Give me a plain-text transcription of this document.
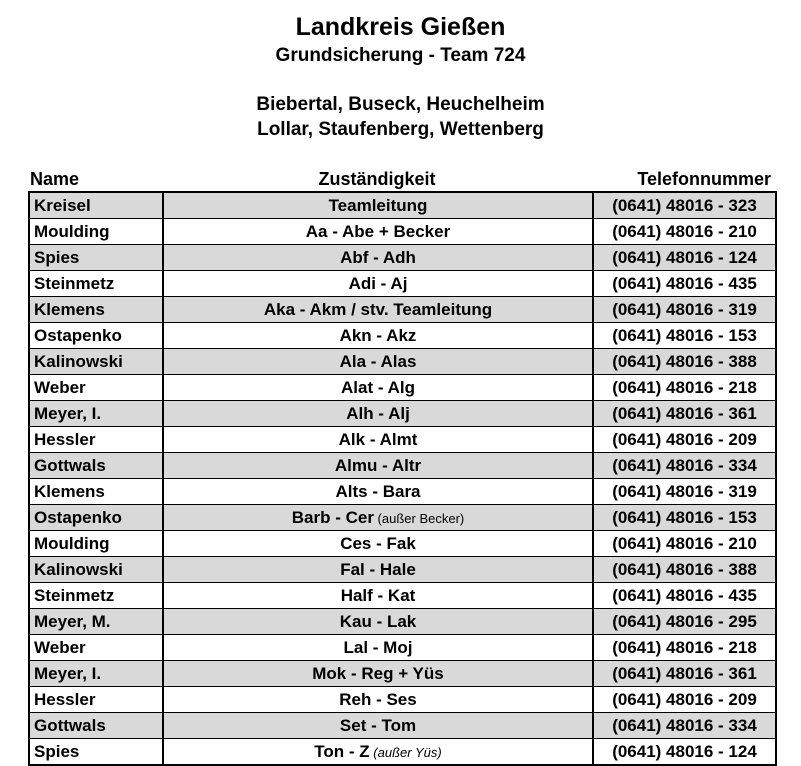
Landkreis Gießen

Grundsicherung - Team 724

Biebertal, Buseck, Heuchelheim

Lollar, Staufenberg, Wettenberg

Name	Zuständigkeit	Telefonnummer
Kreisel	Teamleitung	(0641) 48016 - 323
Moulding	Aa - Abe + Becker	(0641) 48016 - 210
Spies	Abf - Adh	(0641) 48016 - 124
Steinmetz	Adi - Aj	(0641) 48016 - 435
Klemens	Aka - Akm / stv. Teamleitung	(0641) 48016 - 319
Ostapenko	Akn - Akz	(0641) 48016 - 153
Kalinowski	Ala - Alas	(0641) 48016 - 388
Weber	Alat - Alg	(0641) 48016 - 218
Meyer, I.	Alh - Alj	(0641) 48016 - 361
Hessler	Alk - Almt	(0641) 48016 - 209
Gottwals	Almu - Altr	(0641) 48016 - 334
Klemens	Alts - Bara	(0641) 48016 - 319
Ostapenko	Barb - Cer (außer Becker)	(0641) 48016 - 153
Moulding	Ces - Fak	(0641) 48016 - 210
Kalinowski	Fal - Hale	(0641) 48016 - 388
Steinmetz	Half - Kat	(0641) 48016 - 435
Meyer, M.	Kau - Lak	(0641) 48016 - 295
Weber	Lal - Moj	(0641) 48016 - 218
Meyer, I.	Mok - Reg + Yüs	(0641) 48016 - 361
Hessler	Reh - Ses	(0641) 48016 - 209
Gottwals	Set - Tom	(0641) 48016 - 334
Spies	Ton - Z (außer Yüs)	(0641) 48016 - 124
